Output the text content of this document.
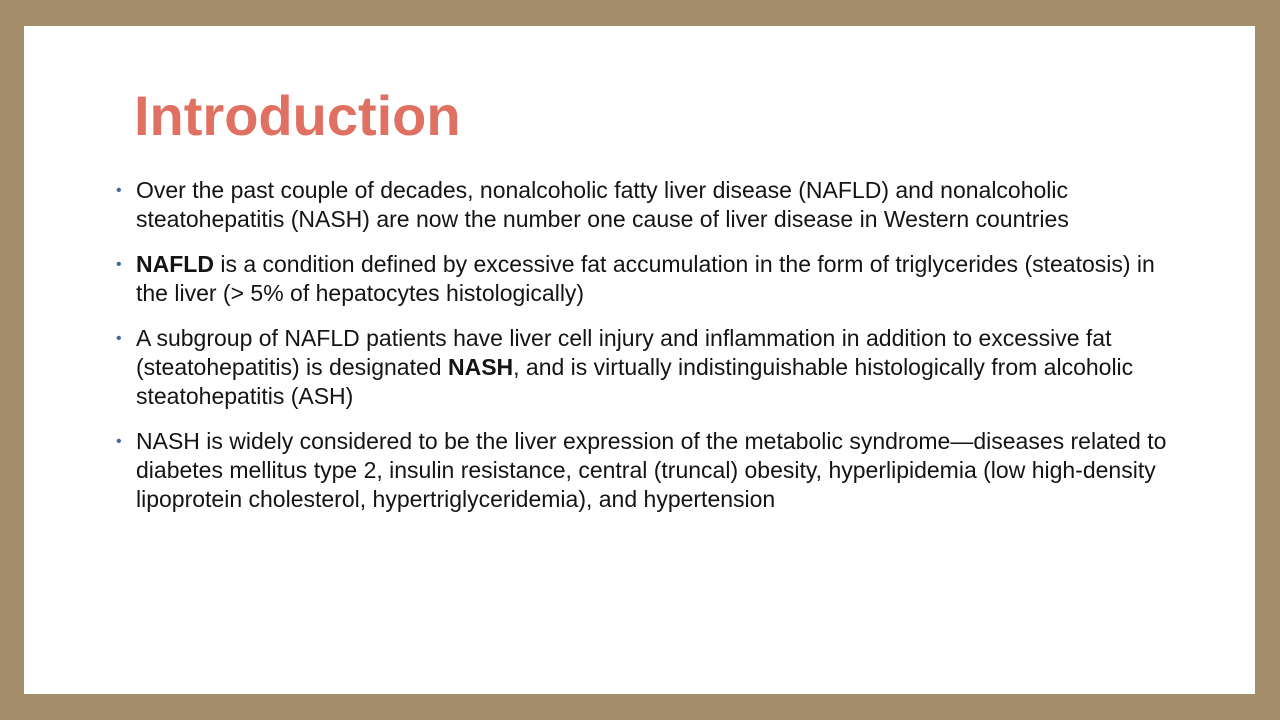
Introduction
• Over the past couple of decades, nonalcoholic fatty liver disease (NAFLD) and nonalcoholic steatohepatitis (NASH) are now the number one cause of liver disease in Western countries
• NAFLD is a condition defined by excessive fat accumulation in the form of triglycerides (steatosis) in the liver (> 5% of hepatocytes histologically)
• A subgroup of NAFLD patients have liver cell injury and inflammation in addition to excessive fat (steatohepatitis) is designated NASH, and is virtually indistinguishable histologically from alcoholic steatohepatitis (ASH)
• NASH is widely considered to be the liver expression of the metabolic syndrome—diseases related to diabetes mellitus type 2, insulin resistance, central (truncal) obesity, hyperlipidemia (low high-density lipoprotein cholesterol, hypertriglyceridemia), and hypertension
